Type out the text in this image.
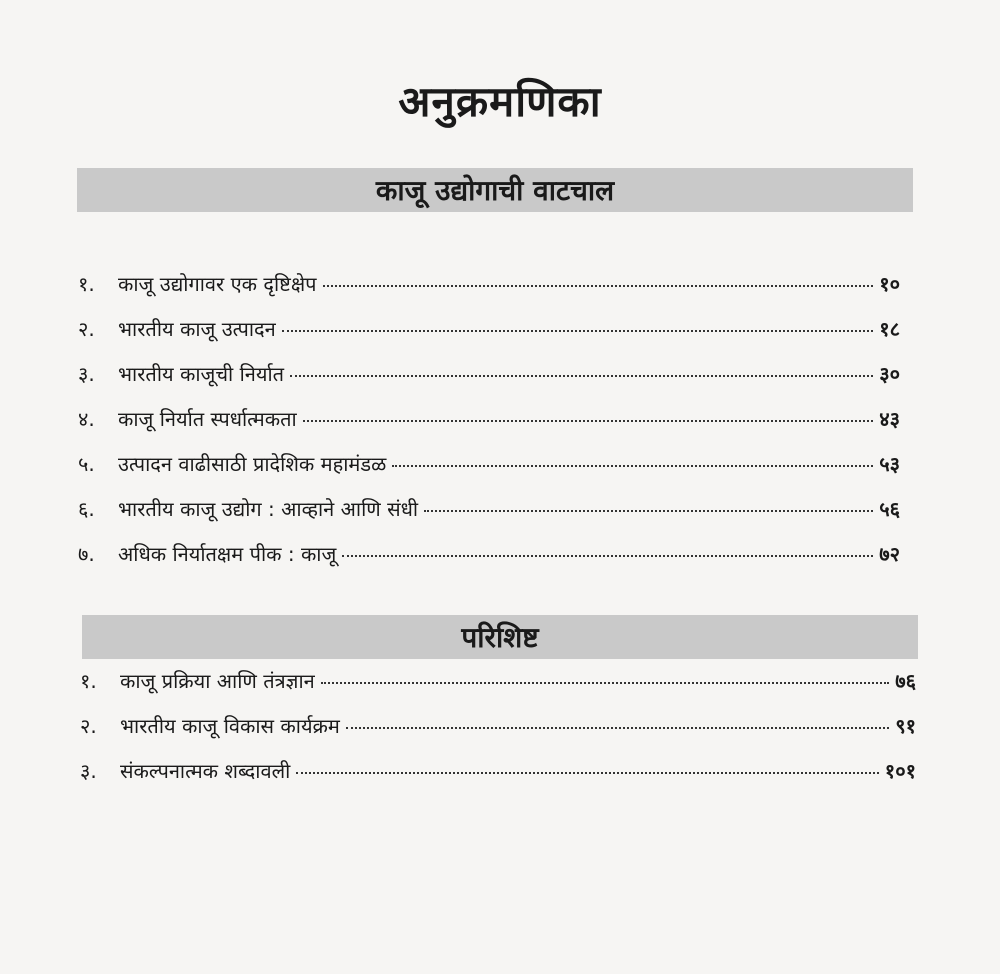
अनुक्रमणिका
काजू उद्योगाची वाटचाल
१.	काजू उद्योगावर एक दृष्टिक्षेप	१०
२.	भारतीय काजू उत्पादन	१८
३.	भारतीय काजूची निर्यात	३०
४.	काजू निर्यात स्पर्धात्मकता	४३
५.	उत्पादन वाढीसाठी प्रादेशिक महामंडळ	५३
६.	भारतीय काजू उद्योग : आव्हाने आणि संधी	५६
७.	अधिक निर्यातक्षम पीक : काजू	७२
परिशिष्ट
१.	काजू प्रक्रिया आणि तंत्रज्ञान	७६
२.	भारतीय काजू विकास कार्यक्रम	९१
३.	संकल्पनात्मक शब्दावली	१०१
